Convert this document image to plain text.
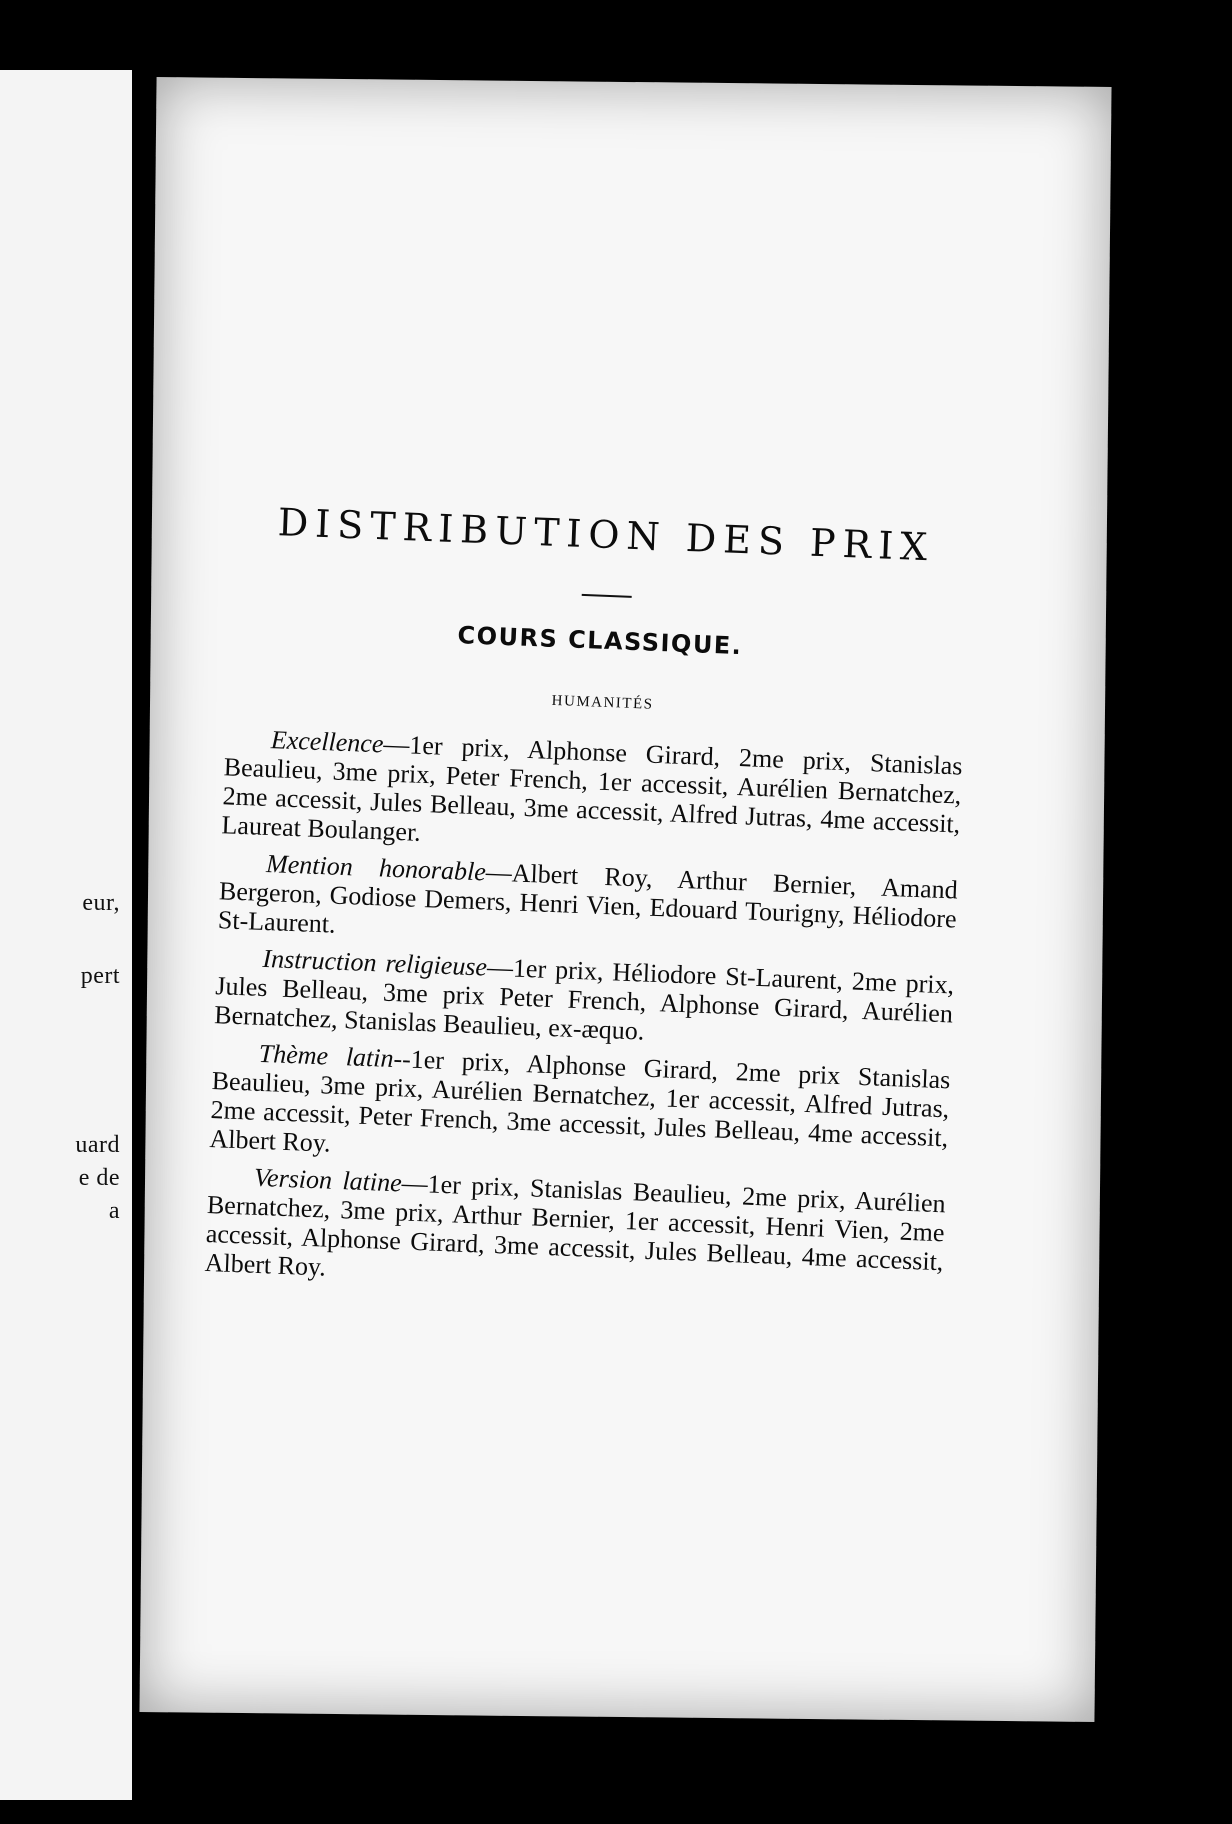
eur,
pert
uard
e de
a
DISTRIBUTION DES PRIX
COURS CLASSIQUE.
HUMANITÉS

Excellence—1er prix, Alphonse Girard, 2me prix, Stanislas Beaulieu, 3me prix, Peter French, 1er accessit, Aurélien Bernatchez, 2me accessit, Jules Belleau, 3me accessit, Alfred Jutras, 4me accessit, Laureat Boulanger.

Mention honorable—Albert Roy, Arthur Bernier, Amand Bergeron, Godiose Demers, Henri Vien, Edouard Tourigny, Héliodore St-Laurent.

Instruction religieuse—1er prix, Héliodore St-Laurent, 2me prix, Jules Belleau, 3me prix Peter French, Alphonse Girard, Aurélien Bernatchez, Stanislas Beaulieu, ex-æquo.

Thème latin--1er prix, Alphonse Girard, 2me prix Stanislas Beaulieu, 3me prix, Aurélien Bernatchez, 1er accessit, Alfred Jutras, 2me accessit, Peter French, 3me accessit, Jules Belleau, 4me accessit, Albert Roy.

Version latine—1er prix, Stanislas Beaulieu, 2me prix, Aurélien Bernatchez, 3me prix, Arthur Bernier, 1er accessit, Henri Vien, 2me accessit, Alphonse Girard, 3me accessit, Jules Belleau, 4me accessit, Albert Roy.
